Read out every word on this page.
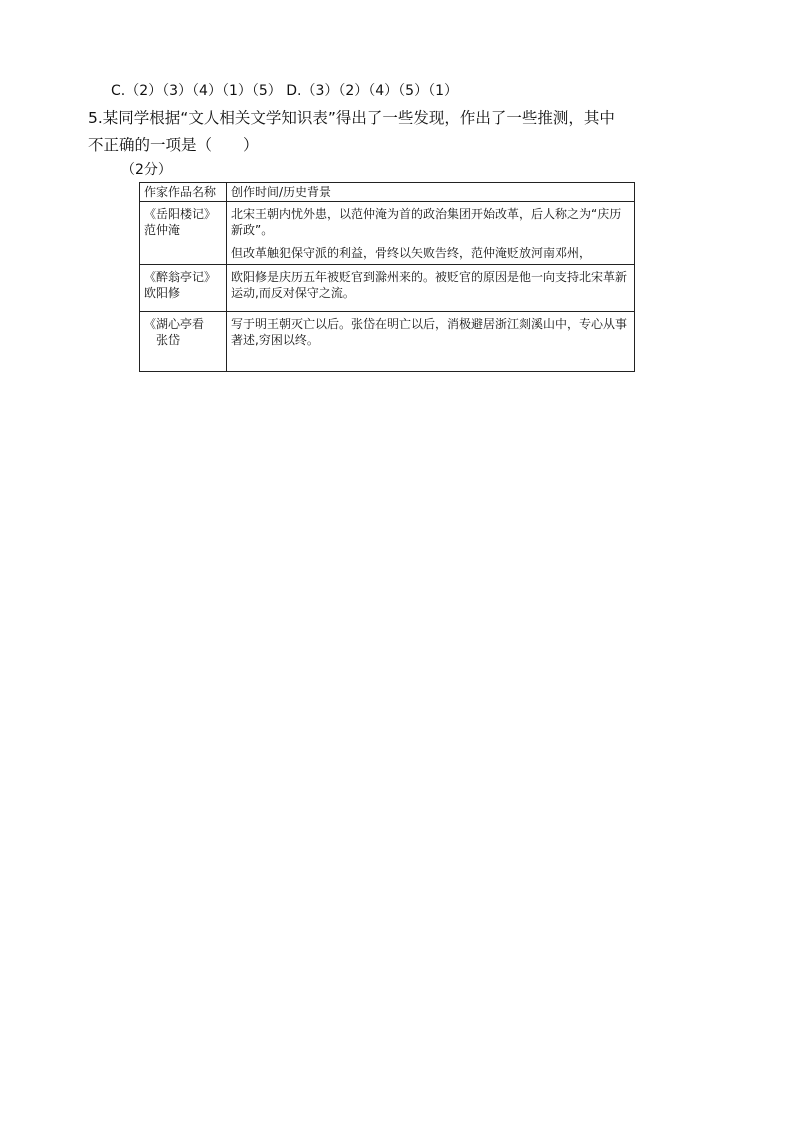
C.（2）（3）（4）（1）（5） D.（3）（2）（4）（5）（1）
5.某同学根据“文人相关文学知识表”得出了一些发现，作出了一些推测，其中
不正确的一项是（　　）
（2分）
作家作品名称	创作时间/历史背景

《岳阳楼记》
范仲淹	北宋王朝内忧外患，以范仲淹为首的政治集团开始改革，后人称之为“庆历新政”。
但改革触犯保守派的利益，骨终以矢败告终，范仲淹贬放河南邓州，

《醉翁亭记》
欧阳修	欧阳修是庆历五年被贬官到滁州来的。被贬官的原因是他一向支持北宋革新运动,而反对保守之流。

《湖心亭看
张岱	写于明王朝灭亡以后。张岱在明亡以后，消极避居浙江剡溪山中，专心从事著述,穷困以终。
